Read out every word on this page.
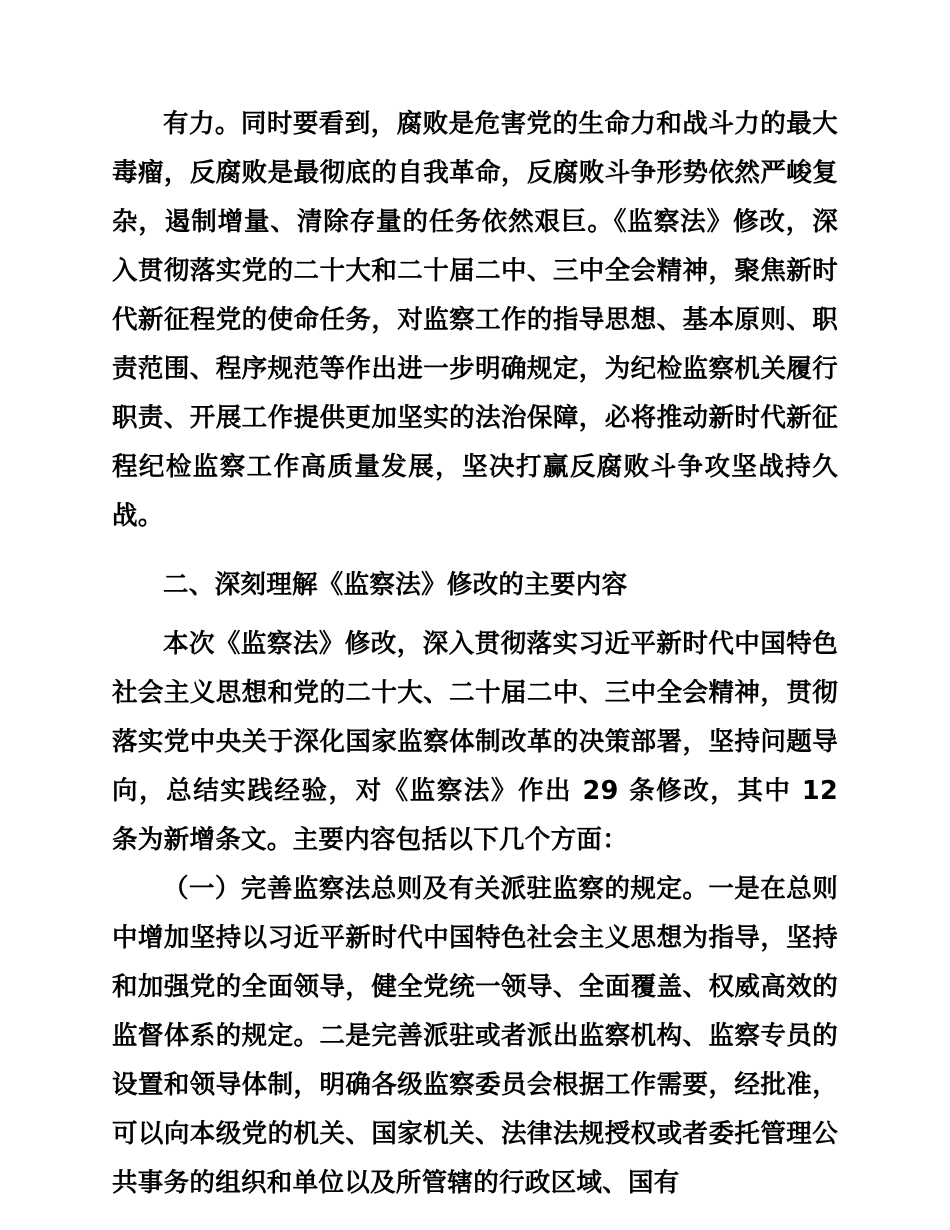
有力。同时要看到，腐败是危害党的生命力和战斗力的最大毒瘤，反腐败是最彻底的自我革命，反腐败斗争形势依然严峻复杂，遏制增量、清除存量的任务依然艰巨。《监察法》修改，深入贯彻落实党的二十大和二十届二中、三中全会精神，聚焦新时代新征程党的使命任务，对监察工作的指导思想、基本原则、职责范围、程序规范等作出进一步明确规定，为纪检监察机关履行职责、开展工作提供更加坚实的法治保障，必将推动新时代新征程纪检监察工作高质量发展，坚决打赢反腐败斗争攻坚战持久战。

二、深刻理解《监察法》修改的主要内容

本次《监察法》修改，深入贯彻落实习近平新时代中国特色社会主义思想和党的二十大、二十届二中、三中全会精神，贯彻落实党中央关于深化国家监察体制改革的决策部署，坚持问题导向，总结实践经验，对《监察法》作出 29 条修改，其中 12 条为新增条文。主要内容包括以下几个方面：

（一）完善监察法总则及有关派驻监察的规定。一是在总则中增加坚持以习近平新时代中国特色社会主义思想为指导，坚持和加强党的全面领导，健全党统一领导、全面覆盖、权威高效的监督体系的规定。二是完善派驻或者派出监察机构、监察专员的设置和领导体制，明确各级监察委员会根据工作需要，经批准，可以向本级党的机关、国家机关、法律法规授权或者委托管理公共事务的组织和单位以及所管辖的行政区域、国有
